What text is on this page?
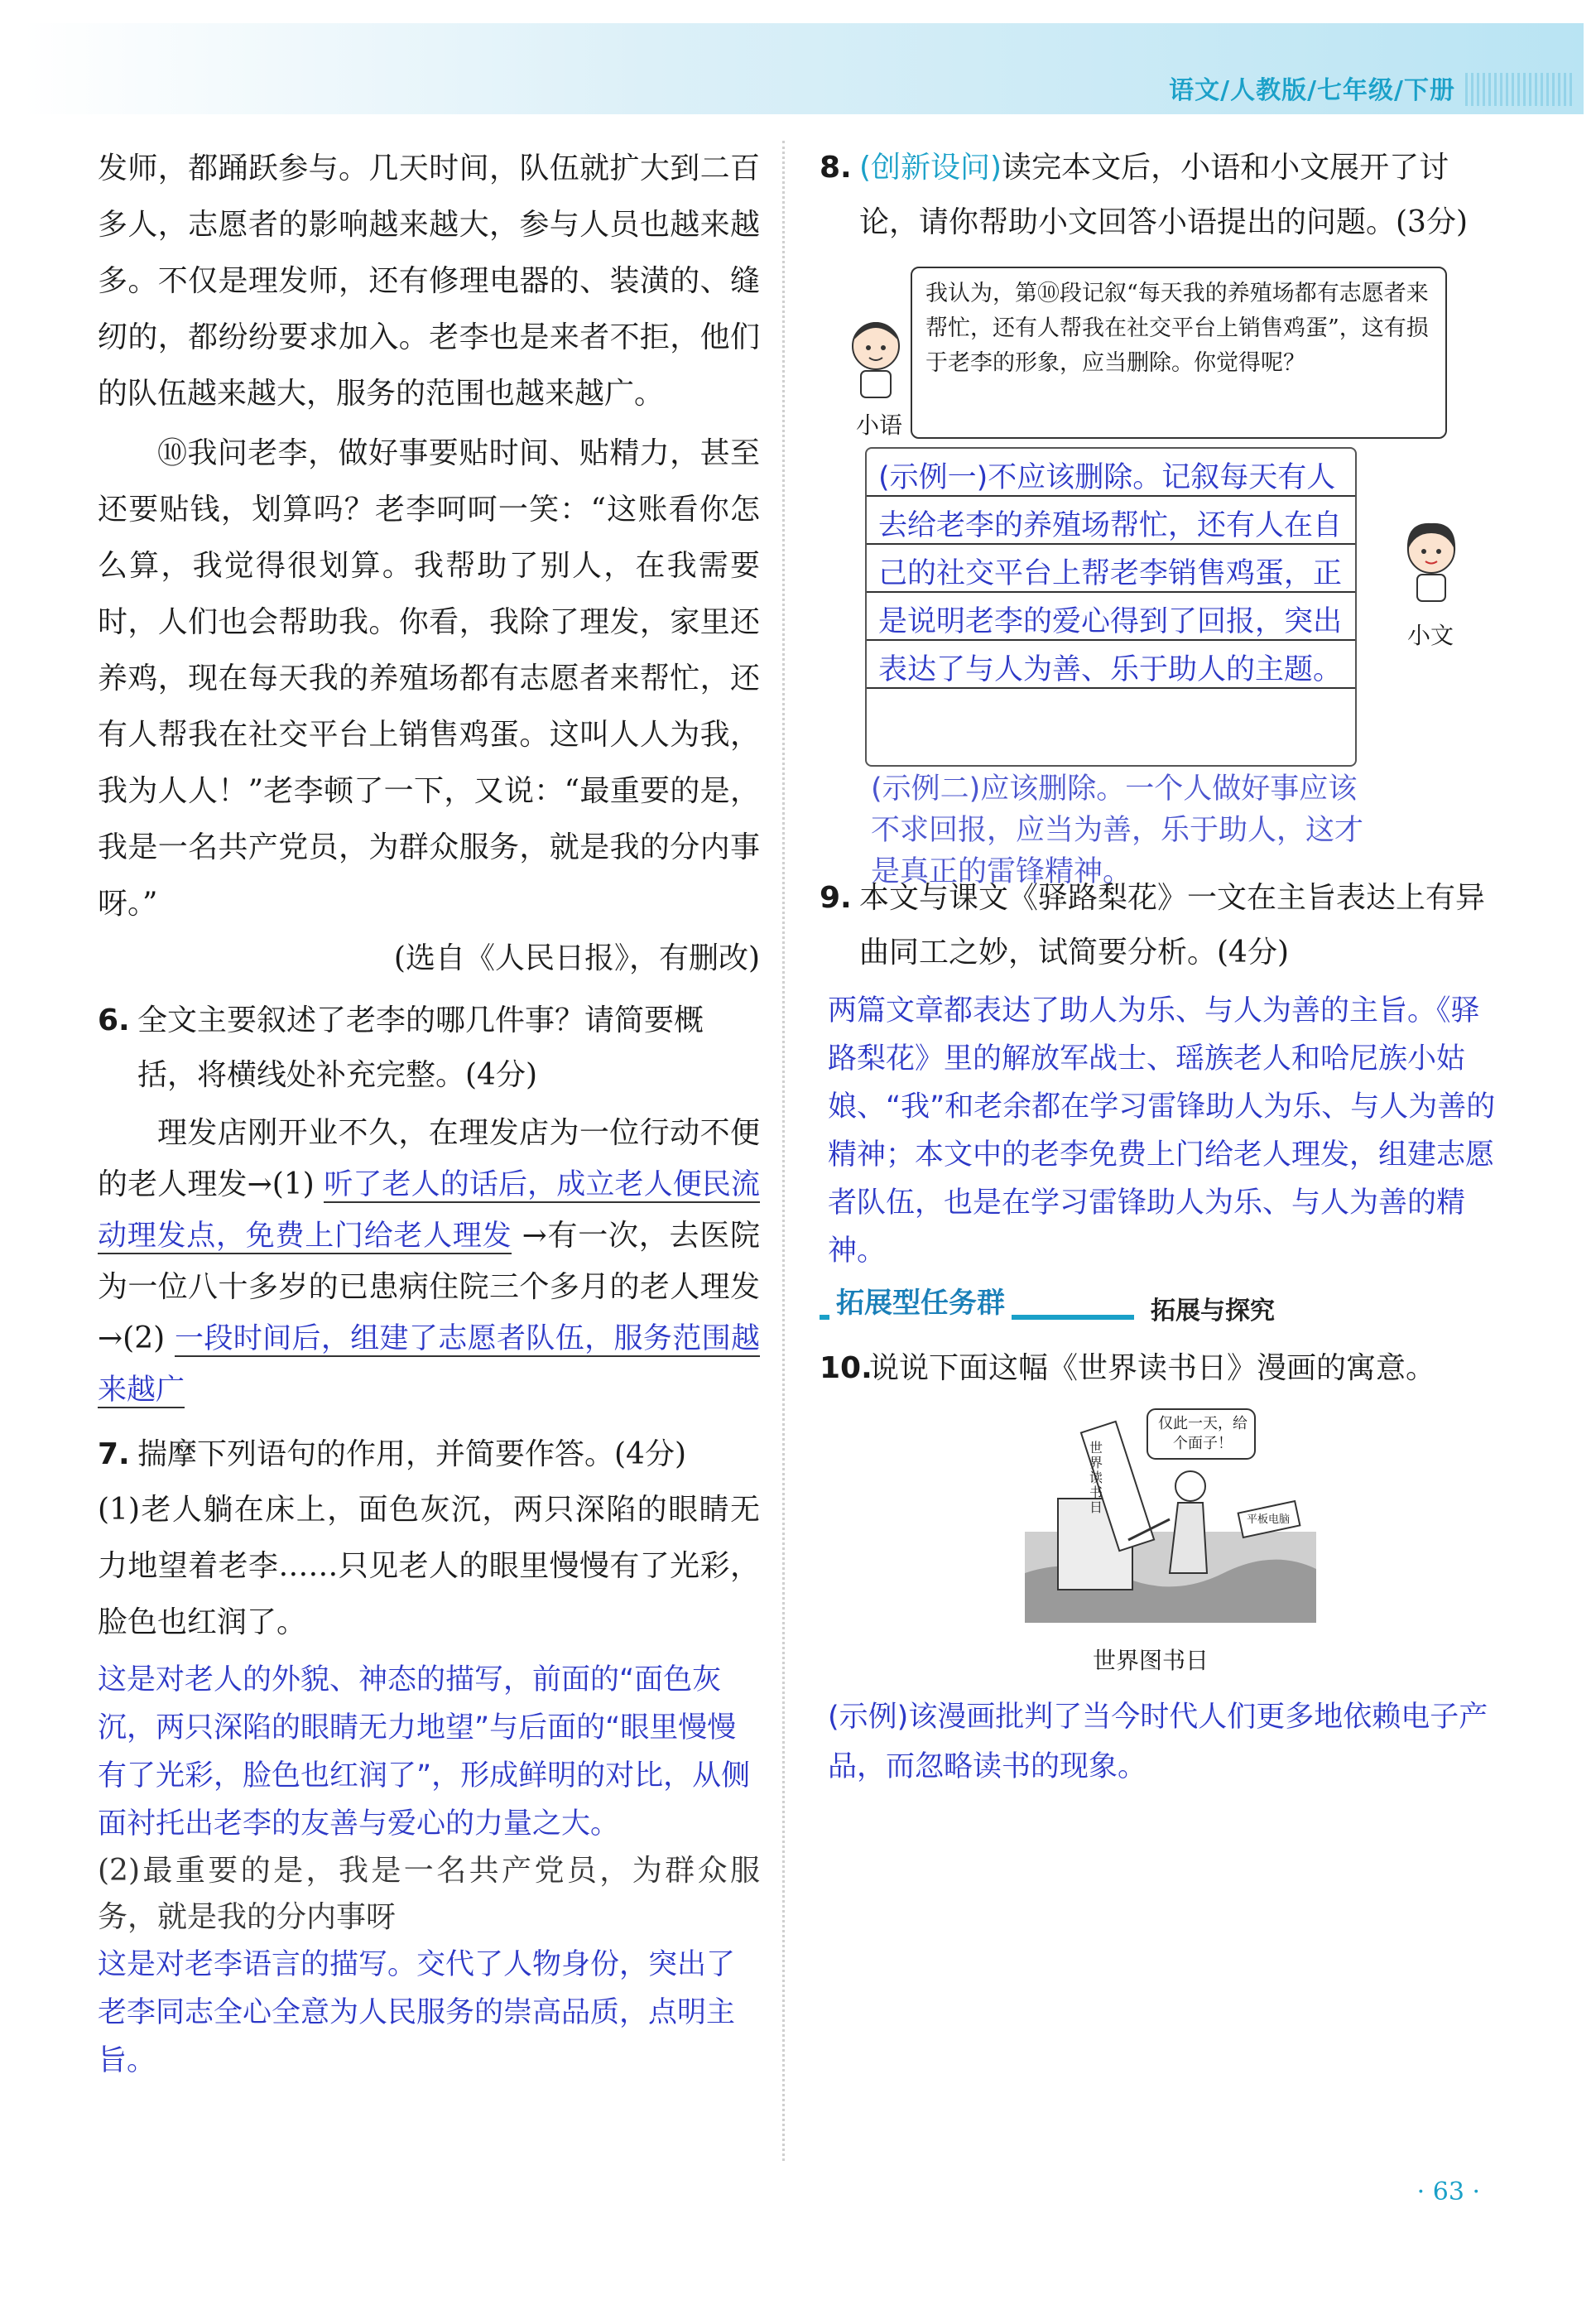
语文/人教版/七年级/下册

发师，都踊跃参与。几天时间，队伍就扩大到二百多人，志愿者的影响越来越大，参与人员也越来越多。不仅是理发师，还有修理电器的、装潢的、缝纫的，都纷纷要求加入。老李也是来者不拒，他们的队伍越来越大，服务的范围也越来越广。

⑩我问老李，做好事要贴时间、贴精力，甚至还要贴钱，划算吗？老李呵呵一笑：“这账看你怎么算，我觉得很划算。我帮助了别人，在我需要时，人们也会帮助我。你看，我除了理发，家里还养鸡，现在每天我的养殖场都有志愿者来帮忙，还有人帮我在社交平台上销售鸡蛋。这叫人人为我，我为人人！”老李顿了一下，又说：“最重要的是，我是一名共产党员，为群众服务，就是我的分内事呀。”

(选自《人民日报》，有删改)

6. 全文主要叙述了老李的哪几件事？请简要概括，将横线处补充完整。(4分)
理发店刚开业不久，在理发店为一位行动不便的老人理发→(1) 听了老人的话后，成立老人便民流动理发点，免费上门给老人理发 →有一次，去医院为一位八十多岁的已患病住院三个多月的老人理发→(2) 一段时间后，组建了志愿者队伍，服务范围越来越广
7. 揣摩下列语句的作用，并简要作答。(4分)

(1)老人躺在床上，面色灰沉，两只深陷的眼睛无力地望着老李……只见老人的眼里慢慢有了光彩，脸色也红润了。

这是对老人的外貌、神态的描写，前面的“面色灰沉，两只深陷的眼睛无力地望”与后面的“眼里慢慢有了光彩，脸色也红润了”，形成鲜明的对比，从侧面衬托出老李的友善与爱心的力量之大。

(2)最重要的是，我是一名共产党员，为群众服务，就是我的分内事呀

这是对老李语言的描写。交代了人物身份，突出了老李同志全心全意为人民服务的崇高品质，点明主旨。

8. (创新设问)读完本文后，小语和小文展开了讨论，请你帮助小文回答小语提出的问题。(3分)
小语
我认为，第⑩段记叙“每天我的养殖场都有志愿者来帮忙，还有人帮我在社交平台上销售鸡蛋”，这有损于老李的形象，应当删除。你觉得呢？
(示例一)不应该删除。记叙每天有人去给老李的养殖场帮忙，还有人在自己的社交平台上帮老李销售鸡蛋，正是说明老李的爱心得到了回报，突出表达了与人为善、乐于助人的主题。
小文
(示例二)应该删除。一个人做好事应该不求回报，应当为善，乐于助人，这才是真正的雷锋精神。
9. 本文与课文《驿路梨花》一文在主旨表达上有异曲同工之妙，试简要分析。(4分)

两篇文章都表达了助人为乐、与人为善的主旨。《驿路梨花》里的解放军战士、瑶族老人和哈尼族小姑娘、“我”和老余都在学习雷锋助人为乐、与人为善的精神；本文中的老李免费上门给老人理发，组建志愿者队伍，也是在学习雷锋助人为乐、与人为善的精神。

拓展型任务群	拓展与探究
10.
说说下面这幅《世界读书日》漫画的寓意。
仅此一天，给个面子！
世界读书日
平板电脑
世界图书日

(示例)该漫画批判了当今时代人们更多地依赖电子产品，而忽略读书的现象。

· 63 ·
